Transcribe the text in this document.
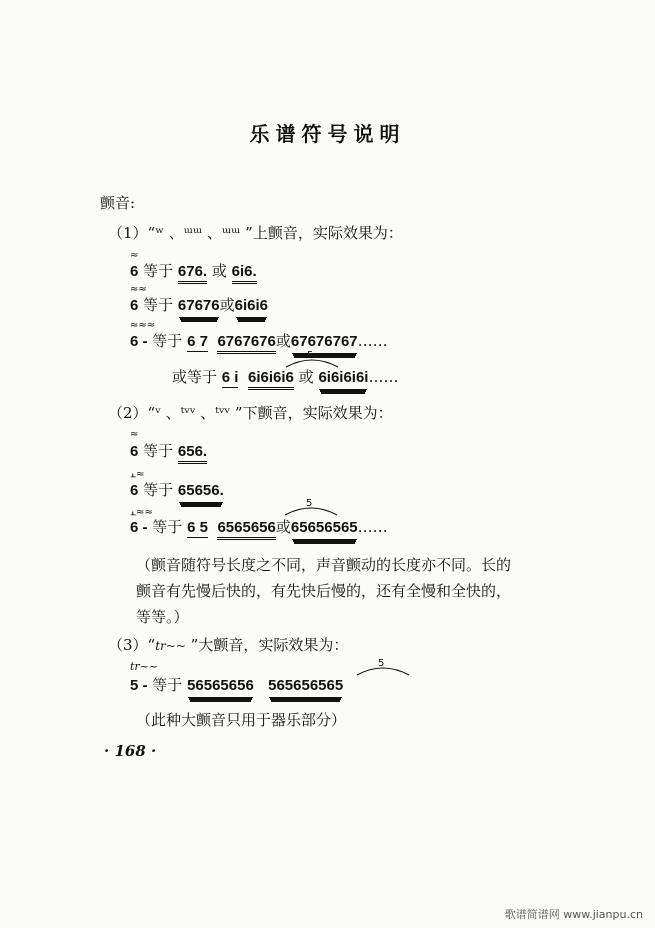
乐谱符号说明
颤音:
（1）“ʷ 、ᵚᵚ 、ᵚᵚ ”上颤音，实际效果为：
≈
6 等于 676. 或 6i6.
≈≈
6 等于 67676或6i6i6
≈≈≈
6 - 等于 6 7 6767676或67676767……
5
或等于 6 i 6i6i6i6 或 6i6i6i6i……
（2）“ᵛ 、ᵗᵛᵛ 、ᵗᵛᵛ ”下颤音，实际效果为：
≈
6 等于 656.
⫠≈
6 等于 65656.
5
⫠≈≈
6 - 等于 6 5 6565656或65656565……
（颤音随符号长度之不同，声音颤动的长度亦不同。长的
颤音有先慢后快的，有先快后慢的，还有全慢和全快的，
等等。）
（3）“tr~~ ”大颤音，实际效果为：
tr~~	5
5 - 等于 56565656 565656565
（此种大颤音只用于器乐部分）
· 168 ·
歌谱简谱网 www.jianpu.cn
